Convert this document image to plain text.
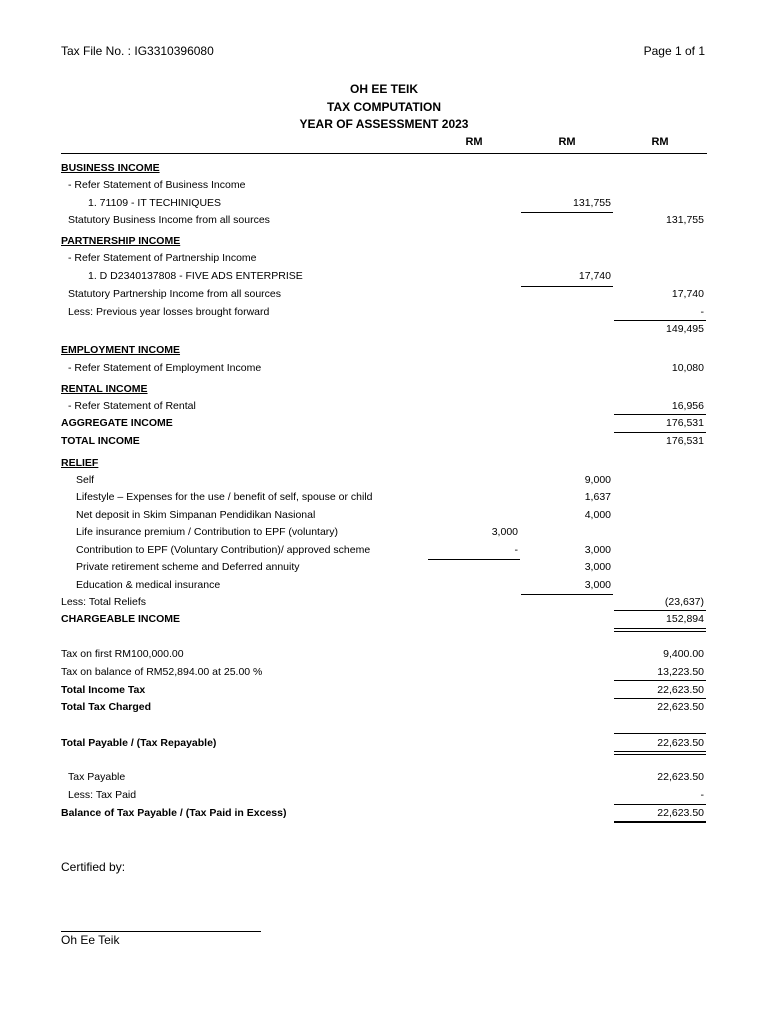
Tax File No. : IG3310396080	Page 1 of 1
OH EE TEIK
TAX COMPUTATION
YEAR OF ASSESSMENT 2023
RM	RM	RM
BUSINESS INCOME
- Refer Statement of Business Income
1. 71109 - IT TECHINIQUES	131,755
Statutory Business Income from all sources	131,755
PARTNERSHIP INCOME
- Refer Statement of Partnership Income
1. D D2340137808 - FIVE ADS ENTERPRISE	17,740
Statutory Partnership Income from all sources	17,740
Less: Previous year losses brought forward	-
149,495
EMPLOYMENT INCOME
- Refer Statement of Employment Income	10,080
RENTAL INCOME
- Refer Statement of Rental	16,956
AGGREGATE INCOME	176,531
TOTAL INCOME	176,531
RELIEF
Self	9,000
Lifestyle – Expenses for the use / benefit of self, spouse or child	1,637
Net deposit in Skim Simpanan Pendidikan Nasional	4,000
Life insurance premium / Contribution to EPF (voluntary)	3,000
Contribution to EPF (Voluntary Contribution)/ approved scheme	-	3,000
Private retirement scheme and Deferred annuity	3,000
Education & medical insurance	3,000
Less: Total Reliefs	(23,637)
CHARGEABLE INCOME	152,894
Tax on first RM100,000.00	9,400.00
Tax on balance of RM52,894.00 at 25.00 %	13,223.50
Total Income Tax	22,623.50
Total Tax Charged	22,623.50
Total Payable / (Tax Repayable)	22,623.50
Tax Payable	22,623.50
Less: Tax Paid	-
Balance of Tax Payable / (Tax Paid in Excess)	22,623.50
Certified by:
Oh Ee Teik
